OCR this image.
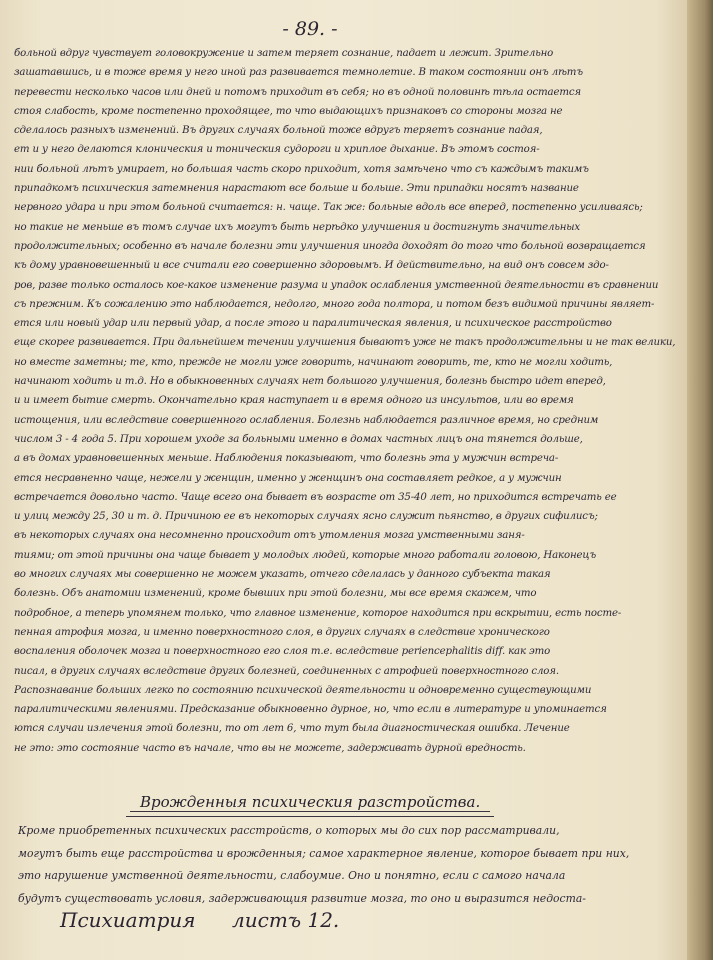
- 89. -
больной вдруг чувствует головокружение и затем теряет сознание, падает и лежит. Зрительно
зашатавшись, и в тоже время у него иной раз развивается темнолетие. В таком состоянии онъ лѣтъ
перевести несколько часов или дней и потомъ приходит въ себя; но въ одной половинѣ тѣла остается
стоя слабость, кроме постепенно проходящее, то что выдающихъ признаковъ со стороны мозга не
сделалось разныхъ изменений. Въ других случаях больной тоже вдругъ теряетъ сознание падая,
ет и у него делаются клоническия и тоническия судороги и хриплое дыхание. Въ этомъ состоя-
нии больной лѣтъ умирает, но большая часть скоро приходит, хотя замѣчено что съ каждымъ такимъ
припадкомъ психическия затемнения нарастают все больше и больше. Эти припадки носятъ название
нервного удара и при этом больной считается: н. чаще. Так же: больные вдоль все вперед, постепенно усиливаясь;
но такие не меньше въ томъ случае ихъ могутъ быть нерѣдко улучшения и достигнуть значительных
продолжительных; особенно въ начале болезни эти улучшения иногда доходят до того что больной возвращается
къ дому уравновешенный и все считали его совершенно здоровымъ. И действительно, на вид онъ совсем здо-
ров, разве только осталось кое-какое изменение разума и упадок ослабления умственной деятельности въ сравнении
съ прежним. Къ сожалению это наблюдается, недолго, много года полтора, и потом безъ видимой причины являет-
ется или новый удар или первый удар, а после этого и паралитическая явления, и психическое расстройство
еще скорее развивается. При дальнейшем течении улучшения бываютъ уже не такъ продолжительны и не так велики,
но вместе заметны; те, кто, прежде не могли уже говорить, начинают говорить, те, кто не могли ходить,
начинают ходить и т.д. Но в обыкновенных случаях нет большого улучшения, болезнь быстро идет вперед,
и и имеет бытие смерть. Окончательно края наступает и в время одного из инсультов, или во время
истощения, или вследствие совершенного ослабления. Болезнь наблюдается различное время, но средним
числом 3 - 4 года 5. При хорошем уходе за больными именно в домах частных лицъ она тянется дольше,
а въ домах уравновешенных меньше. Наблюдения показывают, что болезнь эта у мужчин встреча-
ется несравненно чаще, нежели у женщин, именно у женщинъ она составляет редкое, а у мужчин
встречается довольно часто. Чаще всего она бывает въ возрасте от 35-40 лет, но приходится встречать ее
и улиц между 25, 30 и т. д. Причиною ее въ некоторых случаях ясно служит пьянство, в других сифилисъ;
въ некоторых случаях она несомненно происходит отъ утомления мозга умственными заня-
тиями; от этой причины она чаще бывает у молодых людей, которые много работали головою, Наконецъ
во многих случаях мы совершенно не можем указать, отчего сделалась у данного субъекта такая
болезнь. Объ анатомии изменений, кроме бывших при этой болезни, мы все время скажем, что
подробное, а теперь упомянем только, что главное изменение, которое находится при вскрытии, есть посте-
пенная атрофия мозга, и именно поверхностного слоя, в других случаях в следствие хронического
воспаления оболочек мозга и поверхностного его слоя т.е. вследствие periencephalitis diff. как это
писал, в других случаях вследствие других болезней, соединенных с атрофией поверхностного слоя.
Распознавание больших легко по состоянию психической деятельности и одновременно существующими
паралитическими явлениями. Предсказание обыкновенно дурное, но, что если в литературе и упоминается
ются случаи излечения этой болезни, то от лет 6, что тут была диагностическая ошибка. Лечение
не это: это состояние часто въ начале, что вы не можете, задерживать дурной вредность.
Врожденныя психическия разстройства.
Кроме приобретенных психических расстройств, о которых мы до сих пор рассматривали,
могутъ быть еще расстройства и врожденныя; самое характерное явление, которое бывает при них,
это нарушение умственной деятельности, слабоумие. Оно и понятно, если с самого начала
будутъ существовать условия, задерживающия развитие мозга, то оно и выразится недоста-
Психиатрия листъ 12.
